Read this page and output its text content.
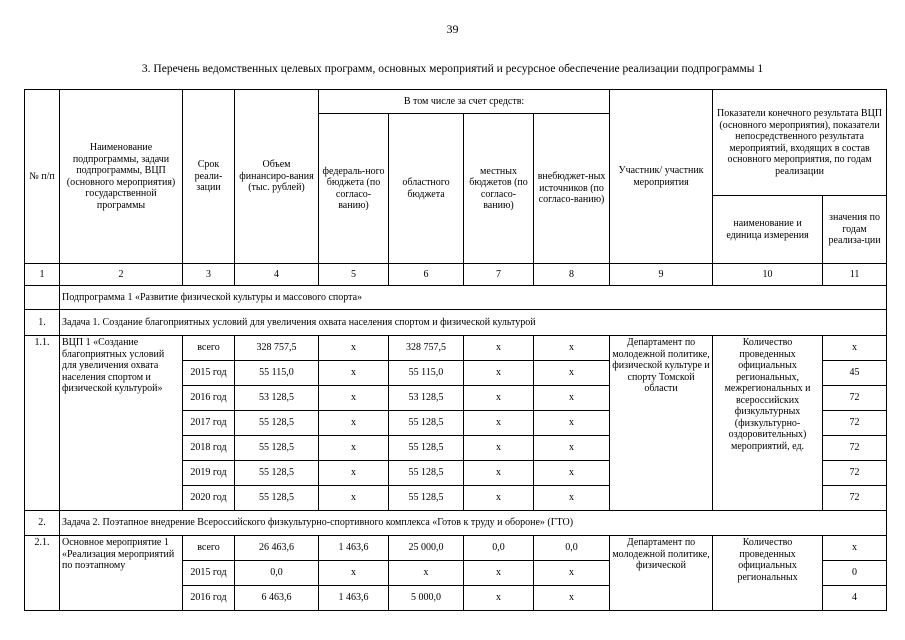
39
3. Перечень ведомственных целевых программ, основных мероприятий и ресурсное обеспечение реализации подпрограммы 1
№ п/п	Наименование подпрограммы, задачи подпрограммы, ВЦП (основного мероприятия) государственной программы	Срок реали-зации	Объем финансиро-вания (тыс. рублей)	В том числе за счет средств:				Участник/ участник мероприятия	Показатели конечного результата ВЦП (основного мероприятия), показатели непосредственного результата мероприятий, входящих в состав основного мероприятия, по годам реализации	
				федераль-ного бюджета (по согласо-ванию)	областного бюджета	местных бюджетов (по согласо-ванию)	внебюджет-ных источников (по согласо-ванию)			
									наименование и единица измерения	значения по годам реализа-ции
1	2	3	4	5	6	7	8	9	10	11
	Подпрограмма 1 «Развитие физической культуры и массового спорта»									
1.	Задача 1. Создание благоприятных условий для увеличения охвата населения спортом и физической культурой									
1.1.	ВЦП 1 «Создание благоприятных условий для увеличения охвата населения спортом и физической культурой»	всего	328 757,5	x	328 757,5	x	x	Департамент по молодежной политике, физической культуре и спорту Томской области	Количество проведенных официальных региональных, межрегиональных и всероссийских физкультурных (физкультурно-оздоровительных) мероприятий, ед.	x
		2015 год	55 115,0	x	55 115,0	x	x			45
		2016 год	53 128,5	x	53 128,5	x	x			72
		2017 год	55 128,5	x	55 128,5	x	x			72
		2018 год	55 128,5	x	55 128,5	x	x			72
		2019 год	55 128,5	x	55 128,5	x	x			72
		2020 год	55 128,5	x	55 128,5	x	x			72
2.	Задача 2. Поэтапное внедрение Всероссийского физкультурно-спортивного комплекса «Готов к труду и обороне» (ГТО)									
2.1.	Основное мероприятие 1 «Реализация мероприятий по поэтапному	всего	26 463,6	1 463,6	25 000,0	0,0	0,0	Департамент по молодежной политике, физической	Количество проведенных официальных региональных	x
		2015 год	0,0	x	x	x	x			0
		2016 год	6 463,6	1 463,6	5 000,0	x	x			4
